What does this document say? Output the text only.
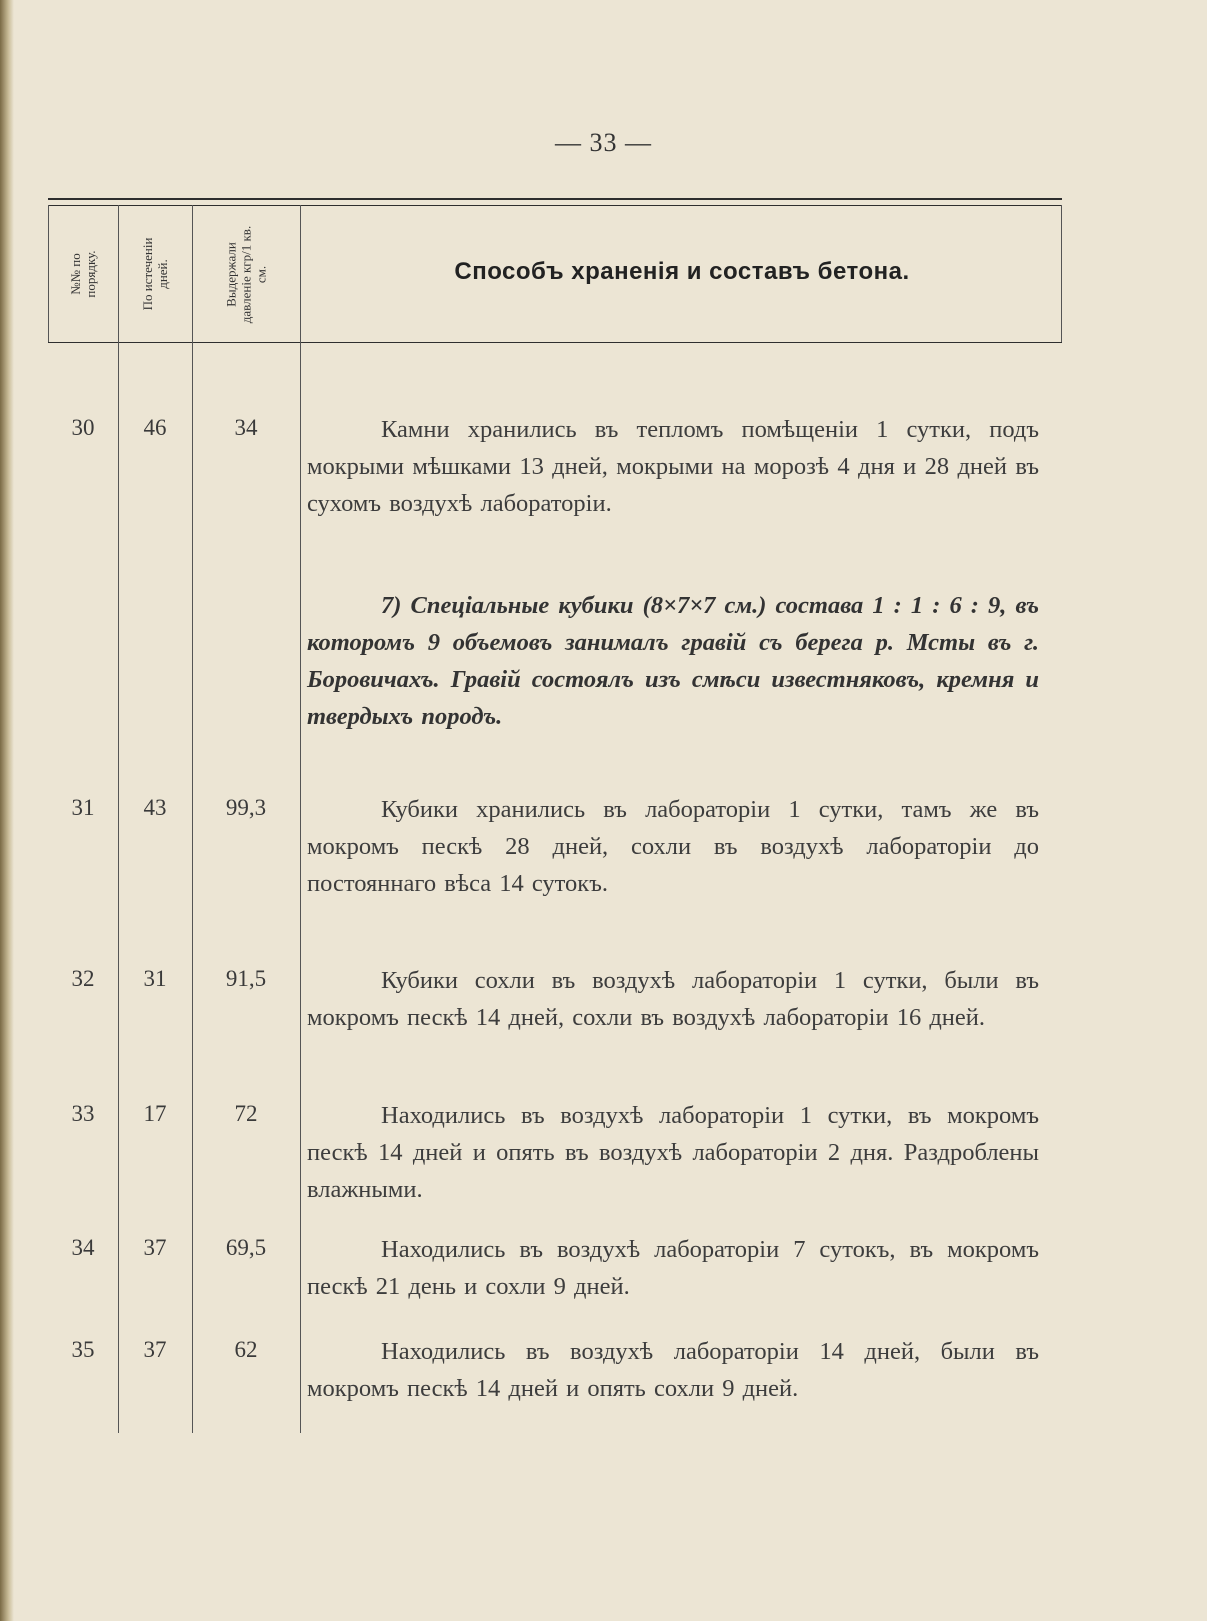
— 33 —
№№ по порядку.	По истеченіи дней.	Выдержали давленіе кгр/1 кв. см.	Способъ храненія и составъ бетона.
30	46	34	Камни хранились въ тепломъ помѣщеніи 1 сутки, подъ мокрыми мѣшками 13 дней, мокрыми на морозѣ 4 дня и 28 дней въ сухомъ воздухѣ лабораторіи.
7) Спеціальные кубики (8×7×7 см.) состава 1 : 1 : 6 : 9, въ которомъ 9 объемовъ занималъ гравій съ берега р. Мсты въ г. Боровичахъ. Гравій состоялъ изъ смѣси известняковъ, кремня и твердыхъ породъ.
31	43	99,3	Кубики хранились въ лабораторіи 1 сутки, тамъ же въ мокромъ пескѣ 28 дней, сохли въ воздухѣ лабораторіи до постояннаго вѣса 14 сутокъ.
32	31	91,5	Кубики сохли въ воздухѣ лабораторіи 1 сутки, были въ мокромъ пескѣ 14 дней, сохли въ воздухѣ лабораторіи 16 дней.
33	17	72	Находились въ воздухѣ лабораторіи 1 сутки, въ мокромъ пескѣ 14 дней и опять въ воздухѣ лабораторіи 2 дня. Раздроблены влажными.
34	37	69,5	Находились въ воздухѣ лабораторіи 7 сутокъ, въ мокромъ пескѣ 21 день и сохли 9 дней.
35	37	62	Находились въ воздухѣ лабораторіи 14 дней, были въ мокромъ пескѣ 14 дней и опять сохли 9 дней.
